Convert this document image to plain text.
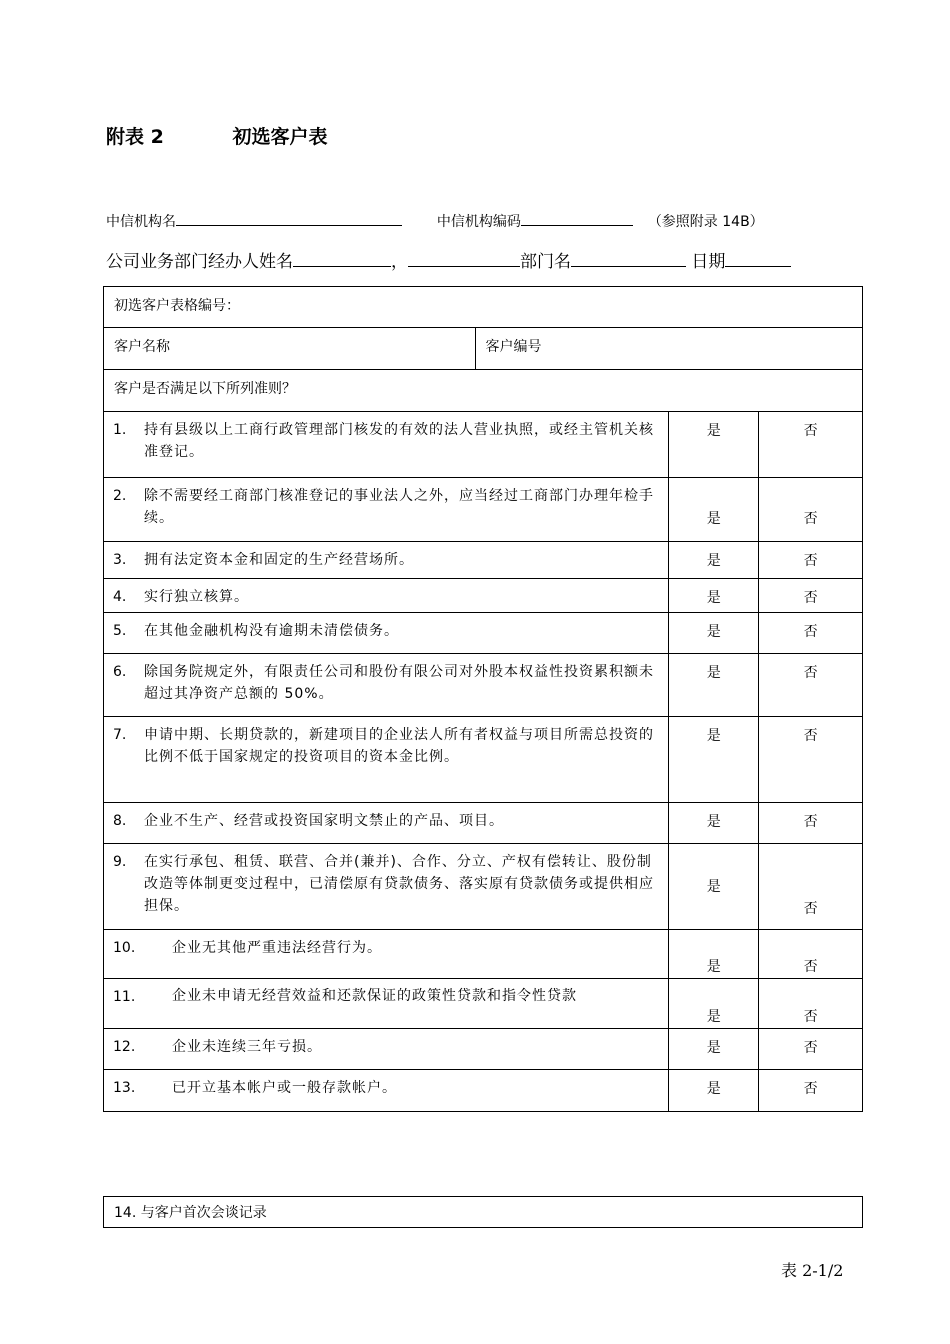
附表 2	初选客户表
中信机构名	中信机构编码	（参照附录 14B）
公司业务部门经办人姓名	，	部门名	日期
初选客户表格编号：			
客户名称	客户编号		
客户是否满足以下所列准则？			

1. 持有县级以上工商行政管理部门核发的有效的法人营业执照，或经主管机关核准登记。		是	否

2. 除不需要经工商部门核准登记的事业法人之外，应当经过工商部门办理年检手续。		是	否

3. 拥有法定资本金和固定的生产经营场所。		是	否

4. 实行独立核算。		是	否

5. 在其他金融机构没有逾期未清偿债务。		是	否

6. 除国务院规定外，有限责任公司和股份有限公司对外股本权益性投资累积额未超过其净资产总额的 50%。		是	否

7. 申请中期、长期贷款的，新建项目的企业法人所有者权益与项目所需总投资的比例不低于国家规定的投资项目的资本金比例。		是	否

8. 企业不生产、经营或投资国家明文禁止的产品、项目。		是	否

9. 在实行承包、租赁、联营、合并(兼并)、合作、分立、产权有偿转让、股份制改造等体制更变过程中，已清偿原有贷款债务、落实原有贷款债务或提供相应担保。		是	否

10. 企业无其他严重违法经营行为。		是	否

11. 企业未申请无经营效益和还款保证的政策性贷款和指令性贷款		是	否

12. 企业未连续三年亏损。		是	否

13. 已开立基本帐户或一般存款帐户。		是	否
14. 与客户首次会谈记录
表 2-1/2
